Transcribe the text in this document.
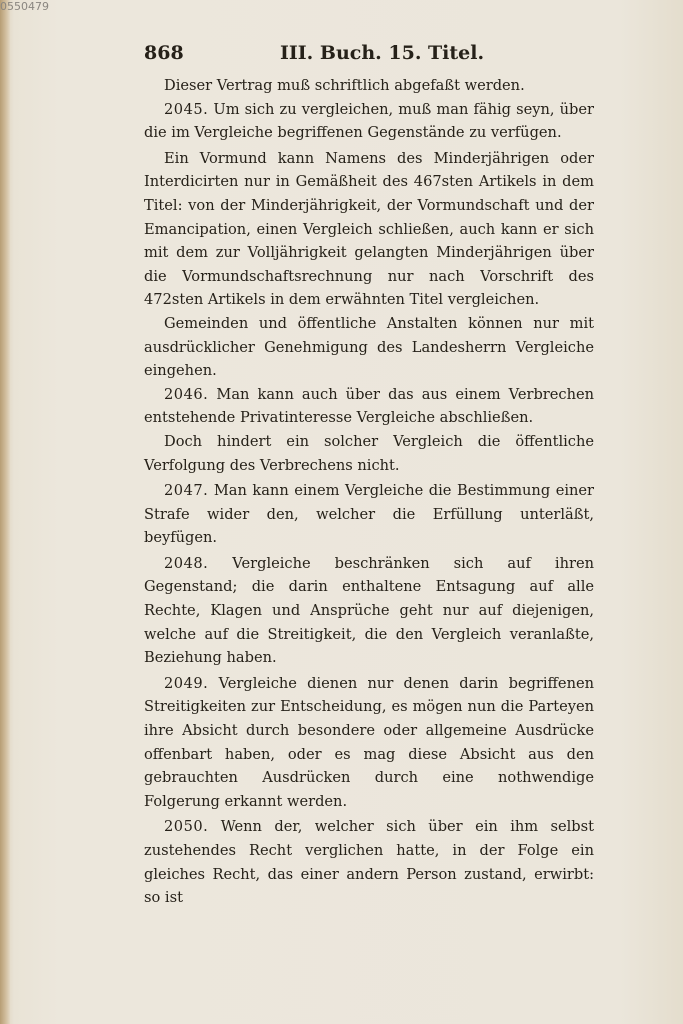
0550479
868	III. Buch. 15. Titel.

Dieser Vertrag muß schriftlich abgefaßt werden.

2045. Um sich zu vergleichen, muß man fähig seyn, über die im Vergleiche begriffenen Gegenstände zu verfügen.

Ein Vormund kann Namens des Minderjährigen oder Interdicirten nur in Gemäßheit des 467sten Artikels in dem Titel: von der Minderjährigkeit, der Vormundschaft und der Emancipation, einen Vergleich schließen, auch kann er sich mit dem zur Volljährigkeit gelangten Minderjährigen über die Vormundschaftsrechnung nur nach Vorschrift des 472sten Artikels in dem erwähnten Titel vergleichen.

Gemeinden und öffentliche Anstalten können nur mit ausdrücklicher Genehmigung des Landesherrn Vergleiche eingehen.

2046. Man kann auch über das aus einem Verbrechen entstehende Privatinteresse Vergleiche abschließen.

Doch hindert ein solcher Vergleich die öffentliche Verfolgung des Verbrechens nicht.

2047. Man kann einem Vergleiche die Bestimmung einer Strafe wider den, welcher die Erfüllung unterläßt, beyfügen.

2048. Vergleiche beschränken sich auf ihren Gegenstand; die darin enthaltene Entsagung auf alle Rechte, Klagen und Ansprüche geht nur auf diejenigen, welche auf die Streitigkeit, die den Vergleich veranlaßte, Beziehung haben.

2049. Vergleiche dienen nur denen darin begriffenen Streitigkeiten zur Entscheidung, es mögen nun die Parteyen ihre Absicht durch besondere oder allgemeine Ausdrücke offenbart haben, oder es mag diese Absicht aus den gebrauchten Ausdrücken durch eine nothwendige Folgerung erkannt werden.

2050. Wenn der, welcher sich über ein ihm selbst zustehendes Recht verglichen hatte, in der Folge ein gleiches Recht, das einer andern Person zustand, erwirbt: so ist
